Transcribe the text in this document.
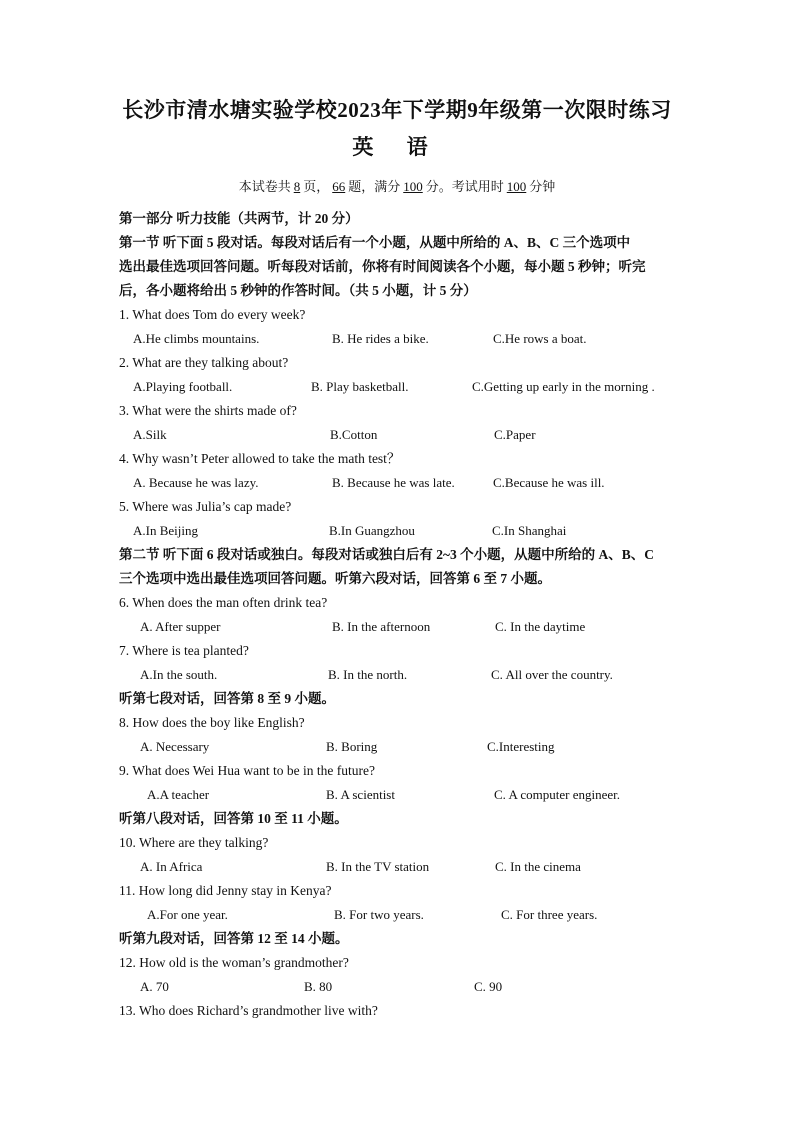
长沙市清水塘实验学校2023年下学期9年级第一次限时练习
英 语
本试卷共 8 页， 66 题，满分 100 分。考试用时 100 分钟
第一部分 听力技能（共两节，计 20 分）
第一节 听下面 5 段对话。每段对话后有一个小题，从题中所给的 A、B、C 三个选项中
选出最佳选项回答问题。听每段对话前，你将有时间阅读各个小题，每小题 5 秒钟；听完
后，各小题将给出 5 秒钟的作答时间。（共 5 小题，计 5 分）
1. What does Tom do every week?
A.He climbs mountains.	B. He rides a bike.	C.He rows a boat.
2. What are they talking about?
A.Playing football.	B. Play basketball.	C.Getting up early in the morning .
3. What were the shirts made of?
A.Silk	B.Cotton	C.Paper
4. Why wasn’t Peter allowed to take the math test？
A. Because he was lazy.	B. Because he was late.	C.Because he was ill.
5. Where was Julia’s cap made?
A.In Beijing	B.In Guangzhou	C.In Shanghai
第二节 听下面 6 段对话或独白。每段对话或独白后有 2~3 个小题，从题中所给的 A、B、C
三个选项中选出最佳选项回答问题。听第六段对话，回答第 6 至 7 小题。
6. When does the man often drink tea?
A. After supper	B. In the afternoon	C. In the daytime
7. Where is tea planted?
A.In the south.	B. In the north.	C. All over the country.
听第七段对话，回答第 8 至 9 小题。
8. How does the boy like English?
A. Necessary	B. Boring	C.Interesting
9. What does Wei Hua want to be in the future?
A.A teacher	B. A scientist	C. A computer engineer.
听第八段对话，回答第 10 至 11 小题。
10. Where are they talking?
A. In Africa	B. In the TV station	C. In the cinema
11. How long did Jenny stay in Kenya?
A.For one year.	B. For two years.	C. For three years.
听第九段对话，回答第 12 至 14 小题。
12. How old is the woman’s grandmother?
A. 70	B. 80	C. 90
13. Who does Richard’s grandmother live with?
